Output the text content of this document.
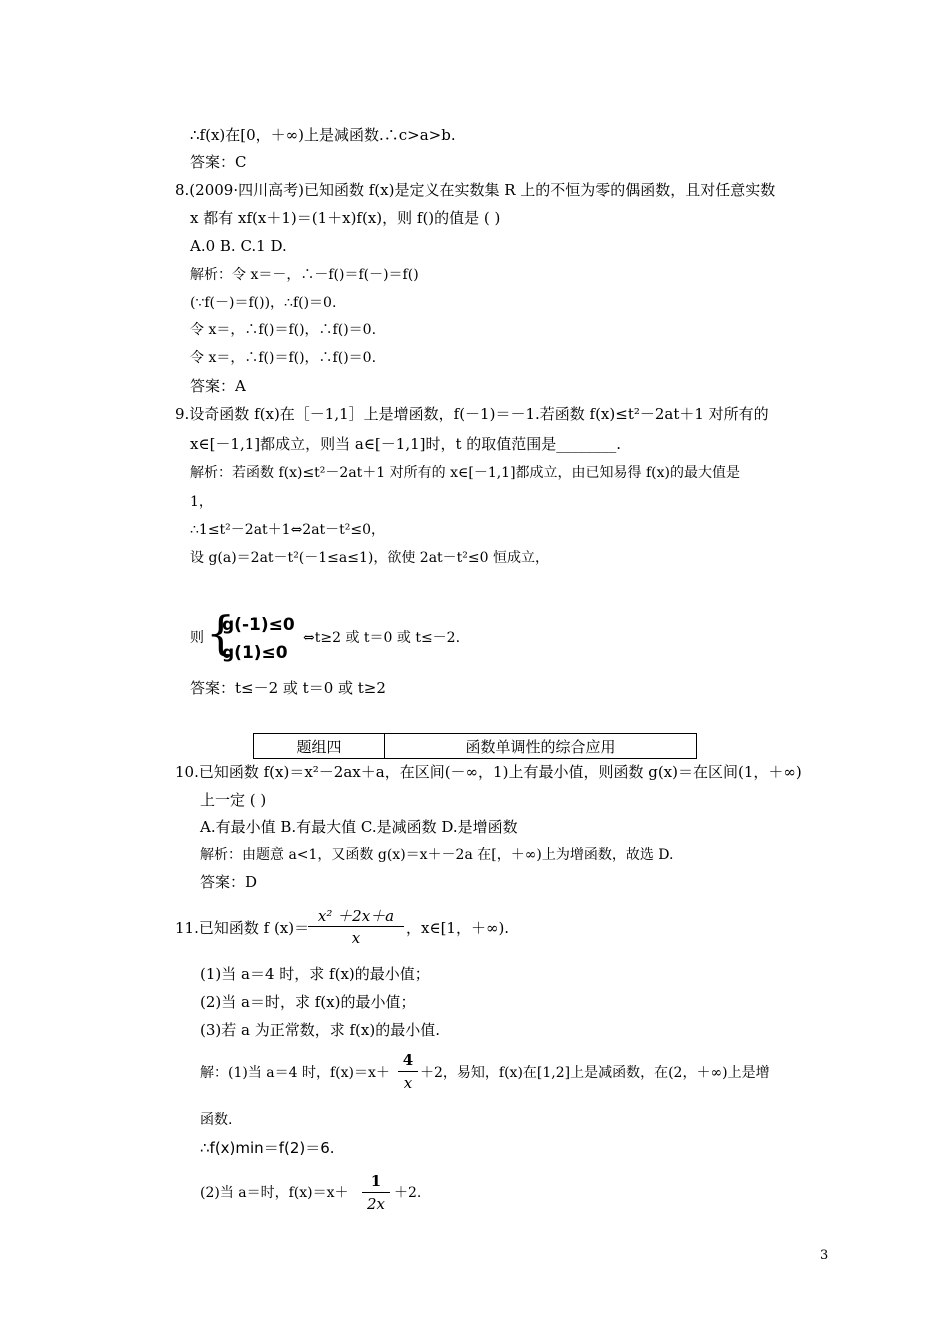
∴f(x)在[0，＋∞)上是减函数.∴c>a>b.
答案：C
8.(2009·四川高考)已知函数 f(x)是定义在实数集 R 上的不恒为零的偶函数，且对任意实数
x 都有 xf(x＋1)＝(1＋x)f(x)，则 f()的值是 ( )
A.0 B. C.1 D.
解析：令 x＝－，∴－f()＝f(－)＝f()
(∵f(－)＝f())，∴f()＝0.
令 x＝，∴f()＝f()，∴f()＝0.
令 x＝，∴f()＝f()，∴f()＝0.
答案：A
9.设奇函数 f(x)在［－1,1］上是增函数，f(－1)＝－1.若函数 f(x)≤t²－2at＋1 对所有的
x∈[－1,1]都成立，则当 a∈[－1,1]时，t 的取值范围是________.
解析：若函数 f(x)≤t²－2at＋1 对所有的 x∈[－1,1]都成立，由已知易得 f(x)的最大值是
1，
∴1≤t²－2at＋1⇔2at－t²≤0，
设 g(a)＝2at－t²(－1≤a≤1)，欲使 2at－t²≤0 恒成立，
则 {
g(-1)≤0
g(1)≤0
⇔t≥2 或 t＝0 或 t≤－2.
答案：t≤－2 或 t＝0 或 t≥2
题组四	函数单调性的综合应用
10.已知函数 f(x)＝x²－2ax＋a，在区间(－∞，1)上有最小值，则函数 g(x)＝在区间(1，＋∞)
上一定 ( )
A.有最小值 B.有最大值 C.是减函数 D.是增函数
解析：由题意 a<1，又函数 g(x)＝x＋－2a 在[，＋∞)上为增函数，故选 D.
答案：D
11.已知函数 f (x)＝
$\frac{\text{x² ＋2x＋a}}{x}$ ，x∈[1，＋∞).
(1)当 a＝4 时，求 f(x)的最小值；
(2)当 a＝时，求 f(x)的最小值；
(3)若 a 为正常数，求 f(x)的最小值.
解：(1)当 a＝4 时，$f(x)=x+ \frac{4}{x} +2$，易知，f(x)在[1,2]上是减函数，在(2，＋∞)上是增
函数.
∴f(x)min＝f(2)＝6.
(2)当 a＝时，$f(x)=x+ \frac{1}{2x} +2$.
3
